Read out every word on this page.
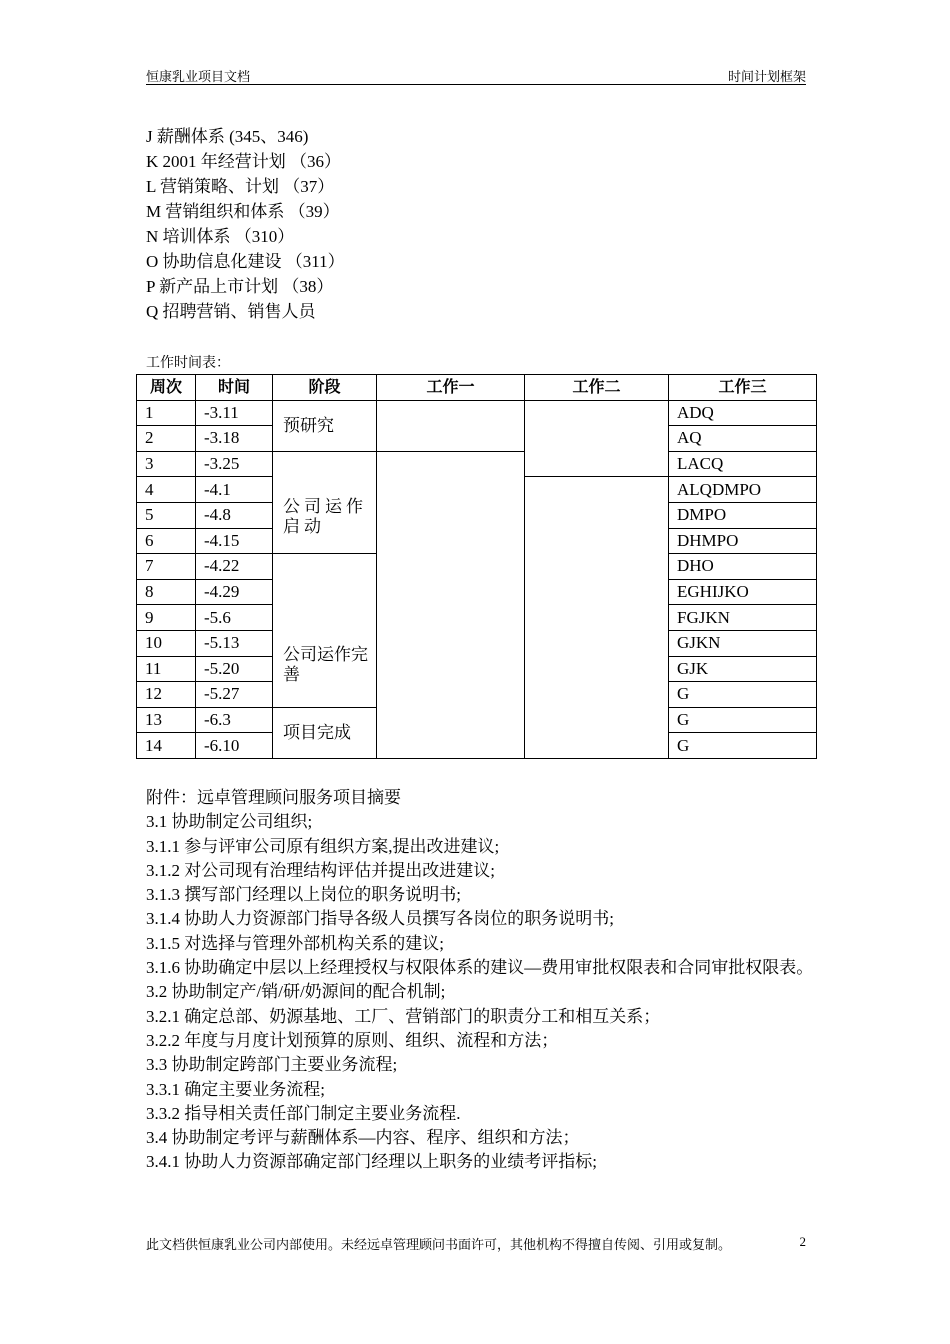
恒康乳业项目文档	时间计划框架
J 薪酬体系 (345、346)
K 2001 年经营计划 （36）
L 营销策略、计划 （37）
M 营销组织和体系 （39）
N 培训体系 （310）
O 协助信息化建设 （311）
P 新产品上市计划 （38）
Q 招聘营销、销售人员
工作时间表：
周次	时间	阶段	工作一	工作二	工作三
1	-3.11	预研究			ADQ
2	-3.18				AQ
3	-3.25	公司运作启动			LACQ
4	-4.1				ALQDMPO
5	-4.8				DMPO
6	-4.15				DHMPO
7	-4.22	公司运作完善			DHO
8	-4.29				EGHIJKO
9	-5.6				FGJKN
10	-5.13				GJKN
11	-5.20				GJK
12	-5.27				G
13	-6.3	项目完成			G
14	-6.10				G
附件：远卓管理顾问服务项目摘要
3.1 协助制定公司组织;
3.1.1 参与评审公司原有组织方案,提出改进建议;
3.1.2 对公司现有治理结构评估并提出改进建议;
3.1.3 撰写部门经理以上岗位的职务说明书;
3.1.4 协助人力资源部门指导各级人员撰写各岗位的职务说明书;
3.1.5 对选择与管理外部机构关系的建议;
3.1.6 协助确定中层以上经理授权与权限体系的建议—费用审批权限表和合同审批权限表。
3.2 协助制定产/销/研/奶源间的配合机制;
3.2.1 确定总部、奶源基地、工厂、营销部门的职责分工和相互关系；
3.2.2 年度与月度计划预算的原则、组织、流程和方法；
3.3 协助制定跨部门主要业务流程;
3.3.1 确定主要业务流程;
3.3.2 指导相关责任部门制定主要业务流程.
3.4 协助制定考评与薪酬体系—内容、程序、组织和方法；
3.4.1 协助人力资源部确定部门经理以上职务的业绩考评指标;
此文档供恒康乳业公司内部使用。未经远卓管理顾问书面许可，其他机构不得擅自传阅、引用或复制。	2
